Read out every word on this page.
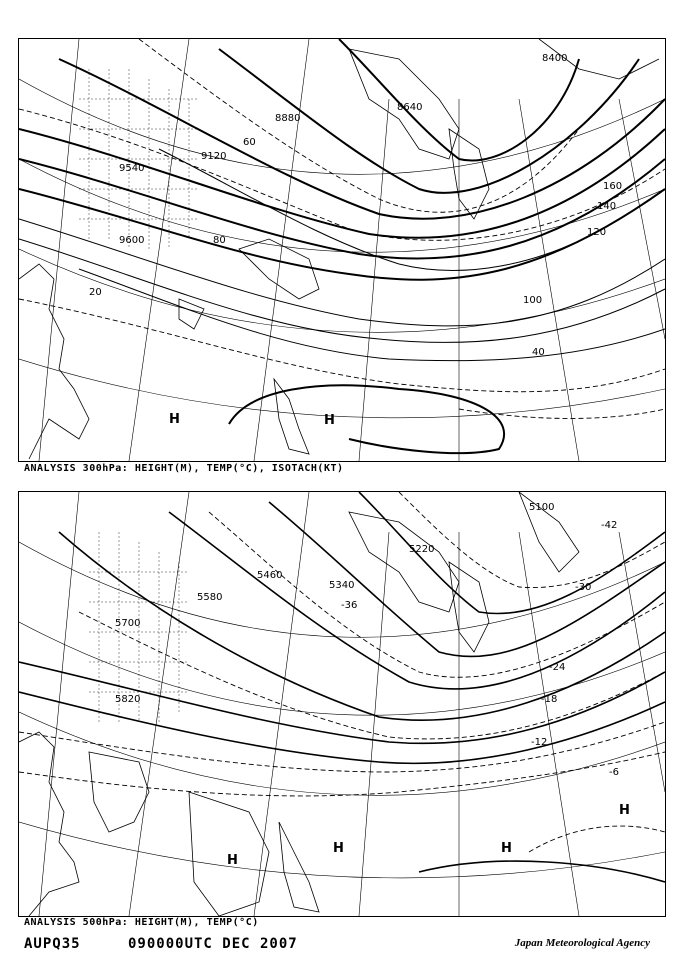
9600
9540
9120
8880
8640
8400
20
40
60
80
100
120
140
160
H	H
ANALYSIS 300hPa: HEIGHT(M), TEMP(°C), ISOTACH(KT)
5820
5700
5580
5460
5340
5220
5100
-6
-12
-18
-24
-30
-36
-42
H
H	H
H
ANALYSIS 500hPa: HEIGHT(M), TEMP(°C)
AUPQ35	090000UTC DEC 2007	Japan Meteorological Agency
